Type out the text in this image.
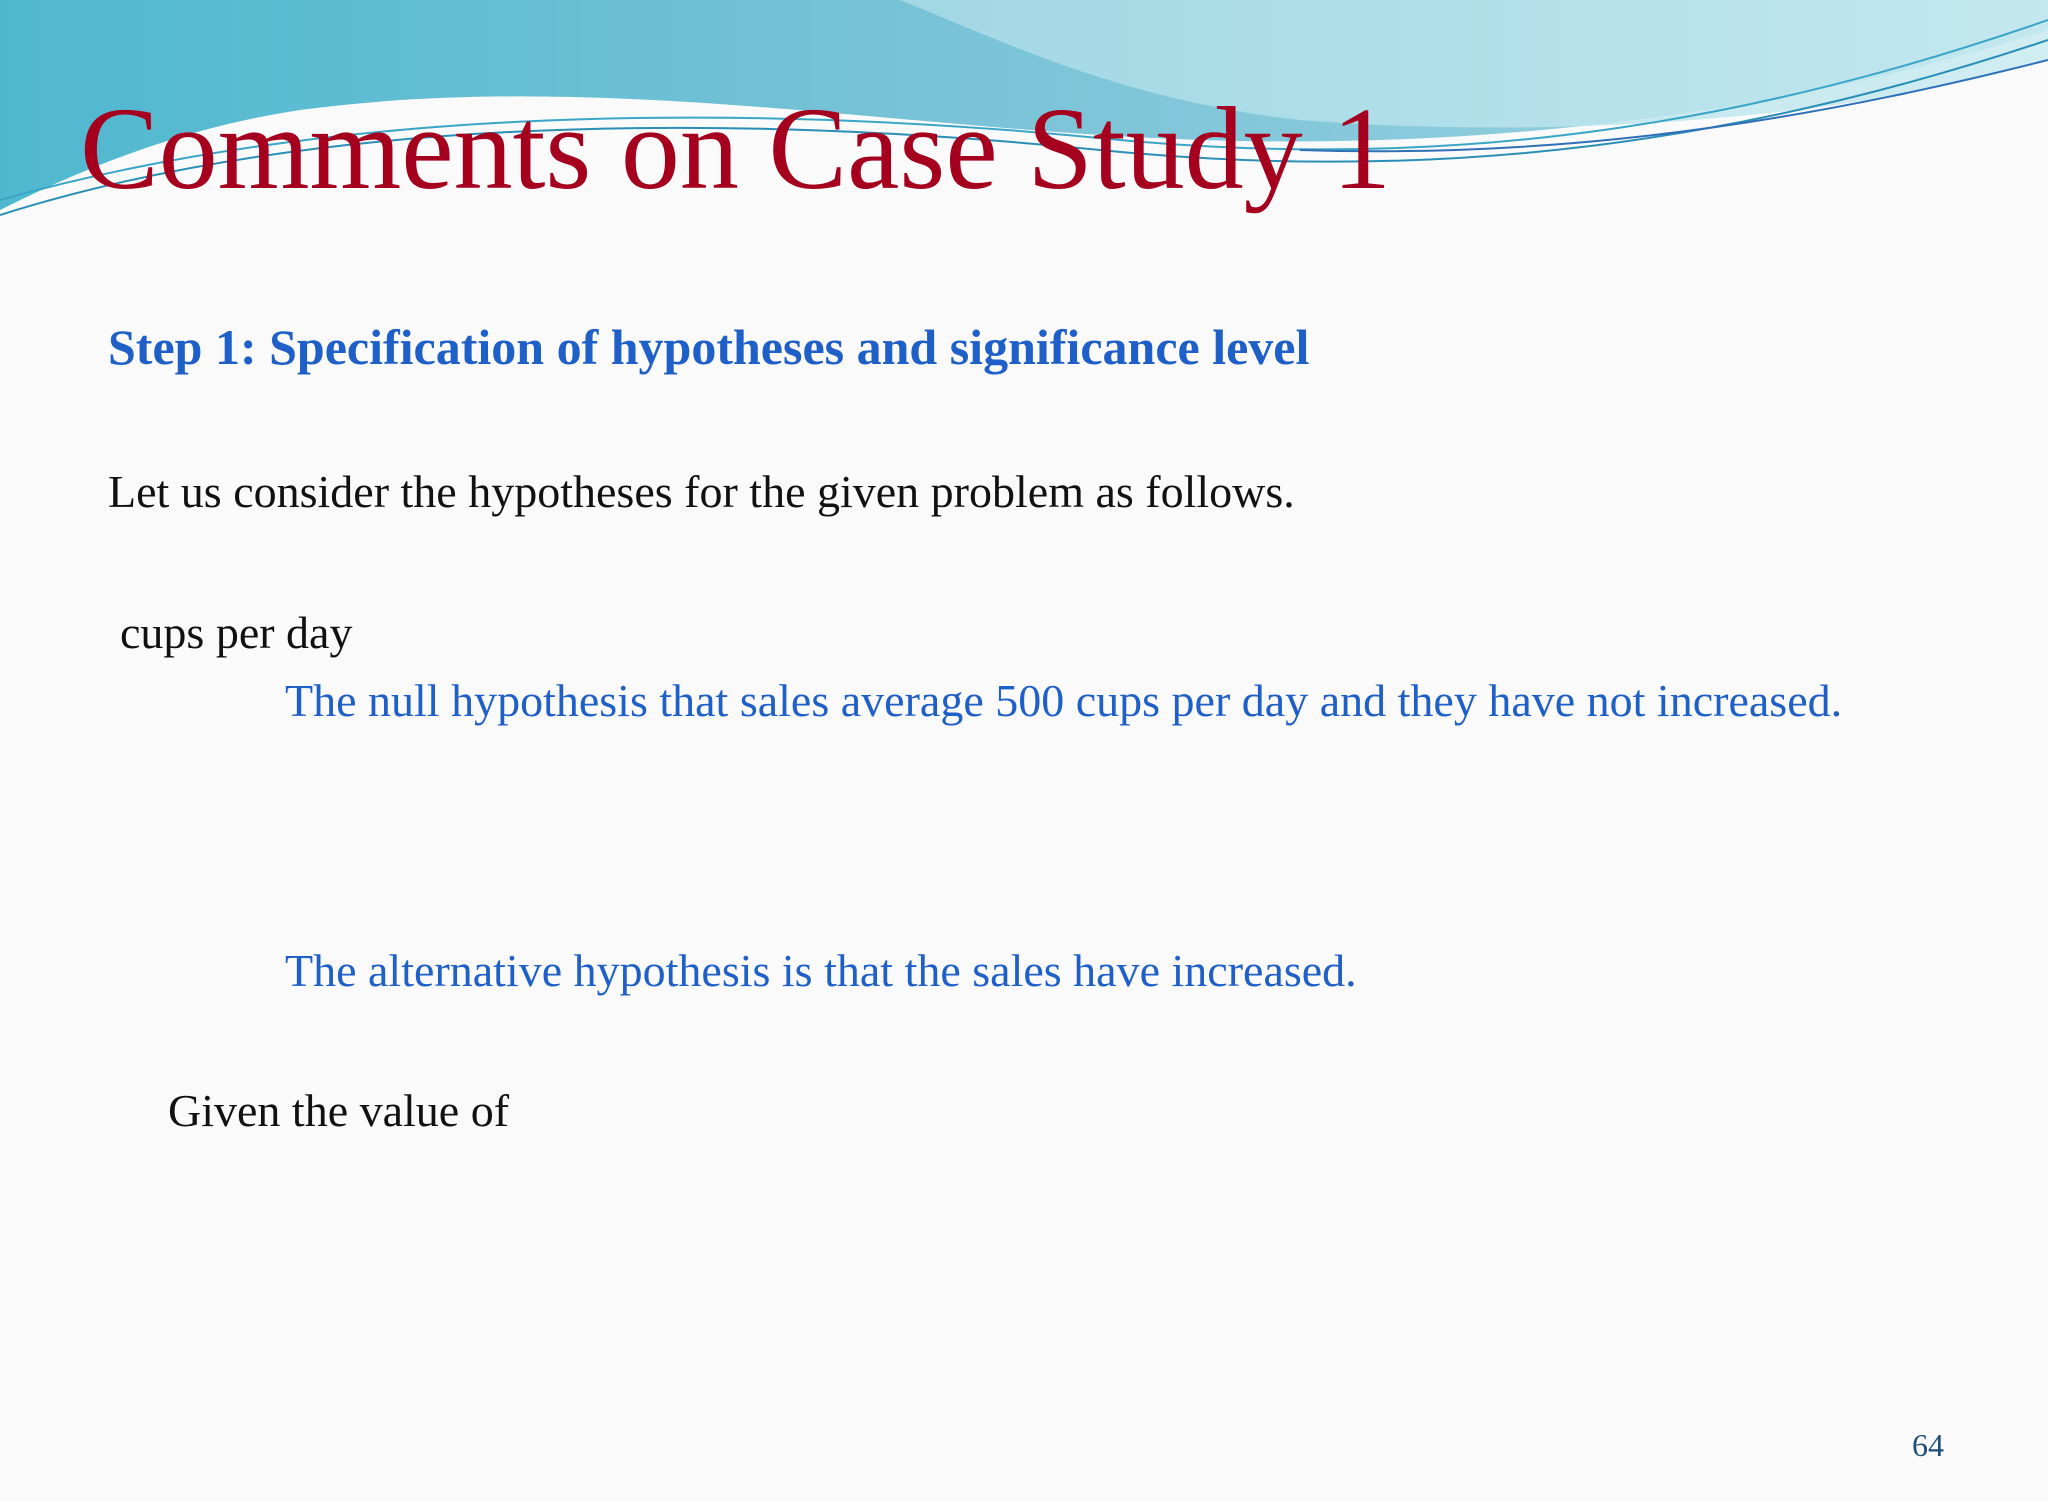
Comments on Case Study 1
Step 1: Specification of hypotheses and significance level
Let us consider the hypotheses for the given problem as follows.
cups per day
The null hypothesis that sales average 500 cups per day and they have not increased.
The alternative hypothesis is that the sales have increased.
Given the value of
64
